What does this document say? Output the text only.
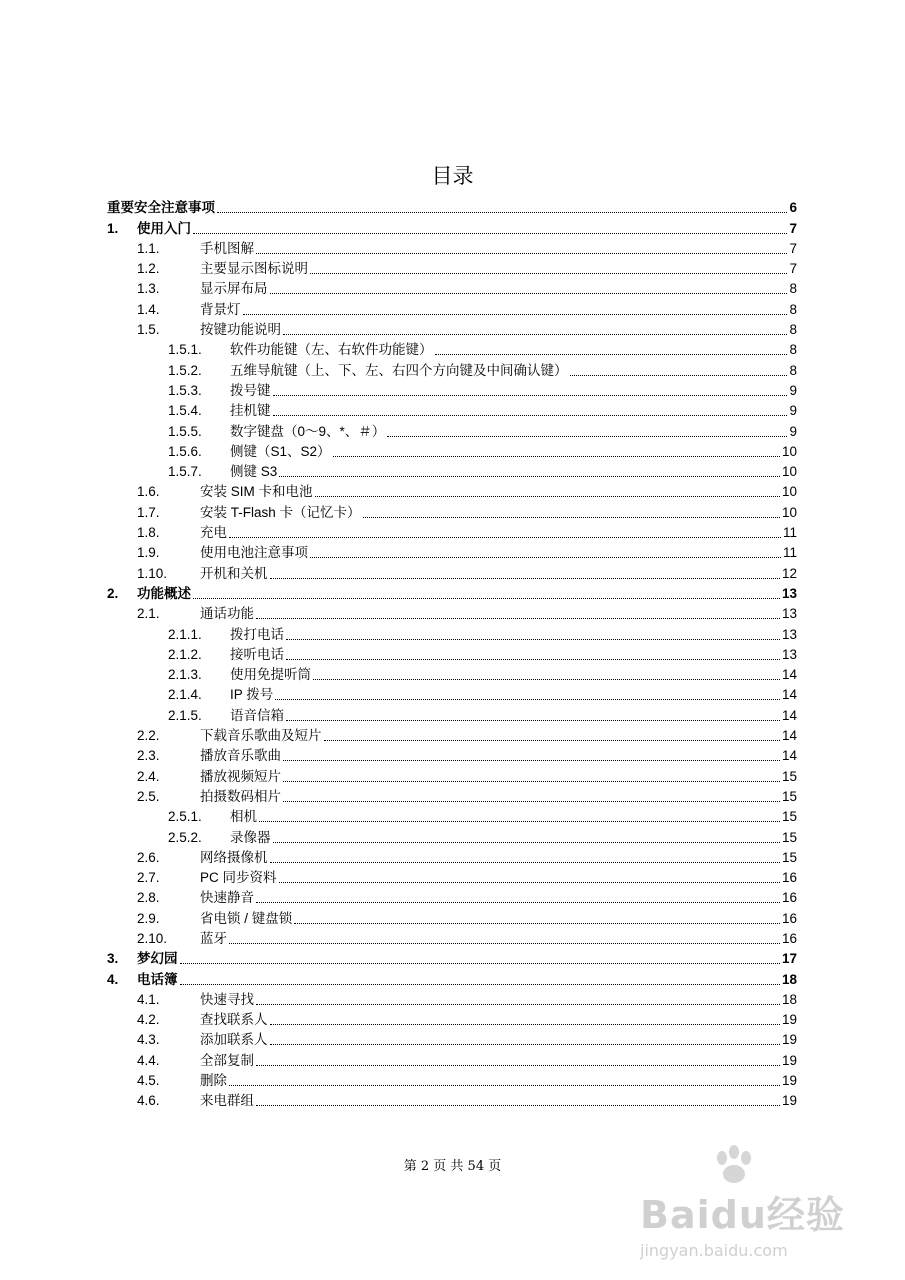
目录
重要安全注意事项	6
1.	使用入门	7
1.1.	手机图解	7
1.2.	主要显示图标说明	7
1.3.	显示屏布局	8
1.4.	背景灯	8
1.5.	按键功能说明	8
1.5.1.	软件功能键（左、右软件功能键）	8
1.5.2.	五维导航键（上、下、左、右四个方向键及中间确认键）	8
1.5.3.	拨号键	9
1.5.4.	挂机键	9
1.5.5.	数字键盘（0～9、*、＃）	9
1.5.6.	侧键（S1、S2）	10
1.5.7.	侧键 S3	10
1.6.	安装 SIM 卡和电池	10
1.7.	安装 T-Flash 卡（记忆卡）	10
1.8.	充电	11
1.9.	使用电池注意事项	11
1.10.	开机和关机	12
2.	功能概述	13
2.1.	通话功能	13
2.1.1.	拨打电话	13
2.1.2.	接听电话	13
2.1.3.	使用免提听筒	14
2.1.4.	IP 拨号	14
2.1.5.	语音信箱	14
2.2.	下载音乐歌曲及短片	14
2.3.	播放音乐歌曲	14
2.4.	播放视频短片	15
2.5.	拍摄数码相片	15
2.5.1.	相机	15
2.5.2.	录像器	15
2.6.	网络摄像机	15
2.7.	PC 同步资料	16
2.8.	快速静音	16
2.9.	省电锁 / 键盘锁	16
2.10.	蓝牙	16
3.	梦幻园	17
4.	电话簿	18
4.1.	快速寻找	18
4.2.	查找联系人	19
4.3.	添加联系人	19
4.4.	全部复制	19
4.5.	删除	19
4.6.	来电群组	19
第 2 页 共 54 页
Baidu经验
jingyan.baidu.com
